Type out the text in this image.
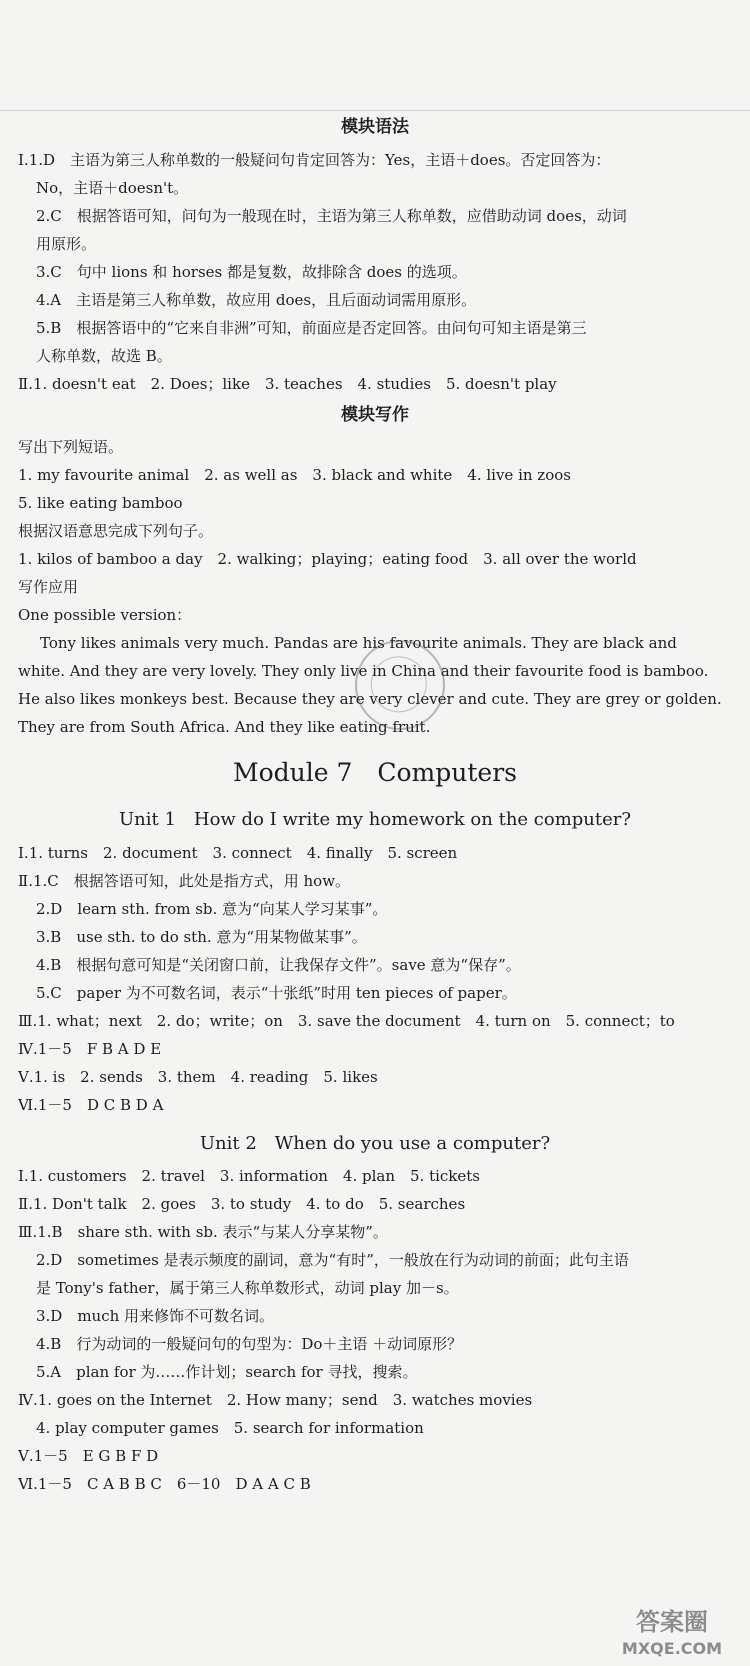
模块语法
Ⅰ.1.D　主语为第三人称单数的一般疑问句肯定回答为：Yes，主语＋does。否定回答为：
No，主语＋doesn't。
2.C　根据答语可知，问句为一般现在时，主语为第三人称单数，应借助动词 does，动词
用原形。
3.C　句中 lions 和 horses 都是复数，故排除含 does 的选项。
4.A　主语是第三人称单数，故应用 does，且后面动词需用原形。
5.B　根据答语中的“它来自非洲”可知，前面应是否定回答。由问句可知主语是第三
人称单数，故选 B。
Ⅱ.1. doesn't eat　2. Does；like　3. teaches　4. studies　5. doesn't play
模块写作
写出下列短语。
1. my favourite animal　2. as well as　3. black and white　4. live in zoos
5. like eating bamboo
根据汉语意思完成下列句子。
1. kilos of bamboo a day　2. walking；playing；eating food　3. all over the world
写作应用
One possible version：
Tony likes animals very much. Pandas are his favourite animals. They are black and
white. And they are very lovely. They only live in China and their favourite food is bamboo.
He also likes monkeys best. Because they are very clever and cute. They are grey or golden.
They are from South Africa. And they like eating fruit.
Module 7　Computers
Unit 1　How do I write my homework on the computer?
Ⅰ.1. turns　2. document　3. connect　4. finally　5. screen
Ⅱ.1.C　根据答语可知，此处是指方式，用 how。
2.D　learn sth. from sb. 意为“向某人学习某事”。
3.B　use sth. to do sth. 意为“用某物做某事”。
4.B　根据句意可知是“关闭窗口前，让我保存文件”。save 意为“保存”。
5.C　paper 为不可数名词，表示“十张纸”时用 ten pieces of paper。
Ⅲ.1. what；next　2. do；write；on　3. save the document　4. turn on　5. connect；to
Ⅳ.1－5　F B A D E
Ⅴ.1. is　2. sends　3. them　4. reading　5. likes
Ⅵ.1－5　D C B D A
Unit 2　When do you use a computer?
Ⅰ.1. customers　2. travel　3. information　4. plan　5. tickets
Ⅱ.1. Don't talk　2. goes　3. to study　4. to do　5. searches
Ⅲ.1.B　share sth. with sb. 表示“与某人分享某物”。
2.D　sometimes 是表示频度的副词，意为“有时”，一般放在行为动词的前面；此句主语
是 Tony's father，属于第三人称单数形式，动词 play 加－s。
3.D　much 用来修饰不可数名词。
4.B　行为动词的一般疑问句的句型为：Do＋主语 ＋动词原形？
5.A　plan for 为……作计划；search for 寻找，搜索。
Ⅳ.1. goes on the Internet　2. How many；send　3. watches movies
4. play computer games　5. search for information
Ⅴ.1－5　E G B F D
Ⅵ.1－5　C A B B C　6－10　D A A C B
答案圈
MXQE.COM
